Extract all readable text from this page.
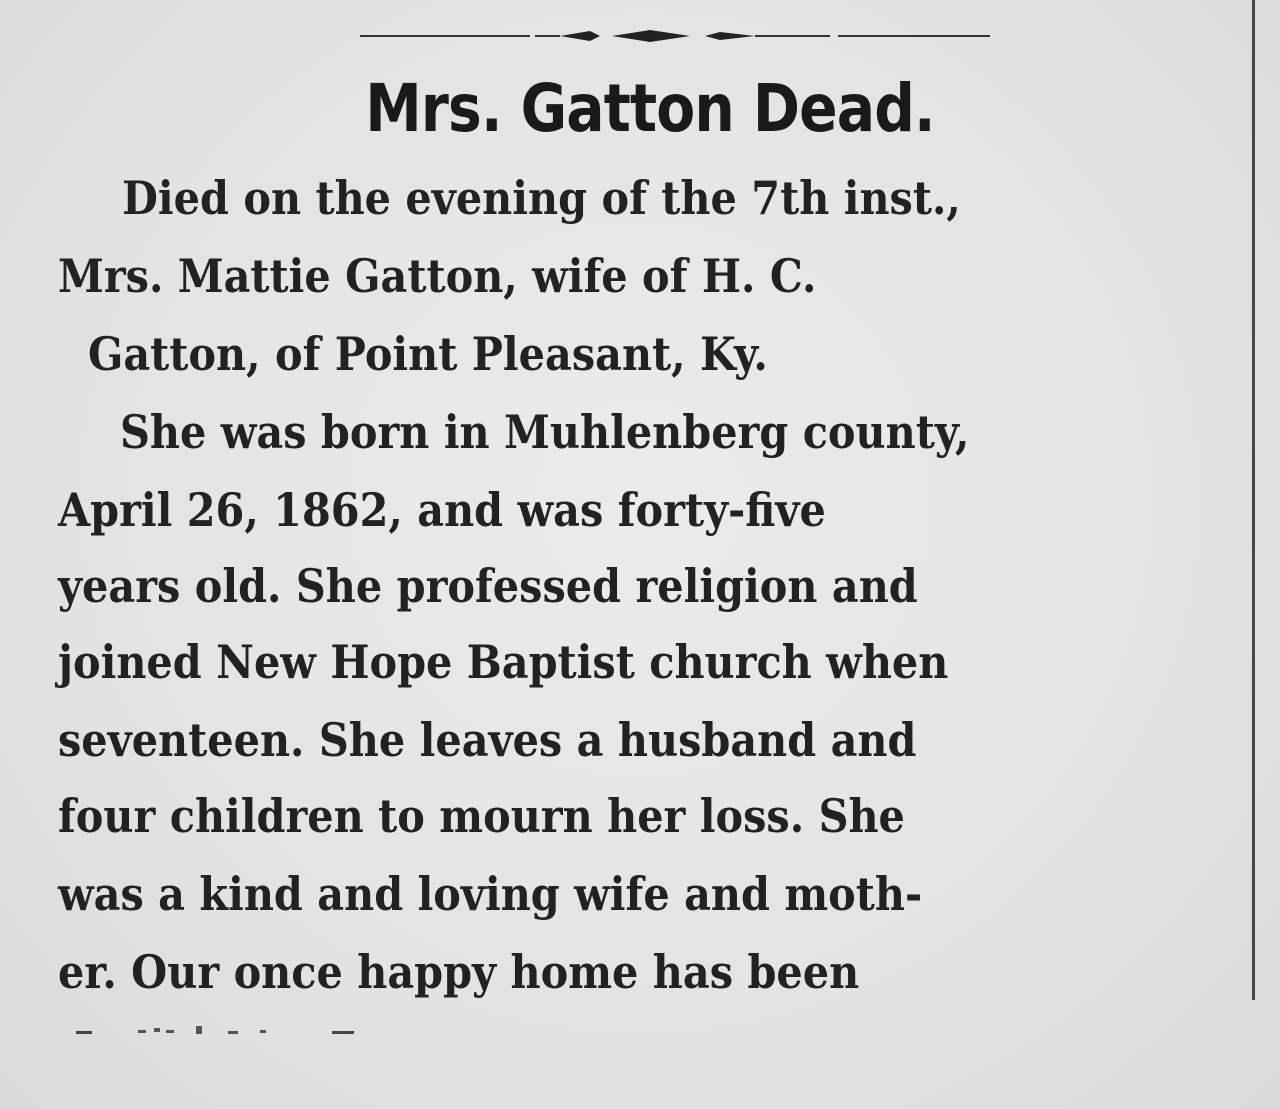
Mrs. Gatton Dead.
Died on the evening of the 7th inst.,
Mrs. Mattie Gatton, wife of H. C.
Gatton, of Point Pleasant, Ky.
She was born in Muhlenberg county,
April 26, 1862, and was forty-five
years old. She professed religion and
joined New Hope Baptist church when
seventeen. She leaves a husband and
four children to mourn her loss. She
was a kind and loving wife and moth-
er. Our once happy home has been
